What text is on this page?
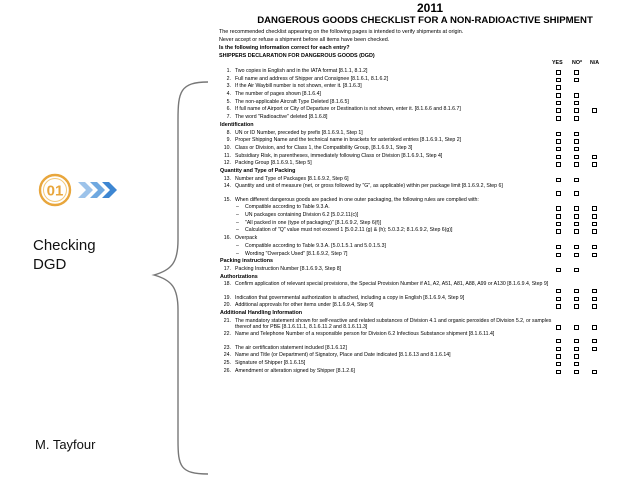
01
Checking
DGD
M. Tayfour
2011
DANGEROUS GOODS CHECKLIST FOR A NON-RADIOACTIVE SHIPMENT
The recommended checklist appearing on the following pages is intended to verify shipments at origin.
Never accept or refuse a shipment before all items have been checked.
Is the following information correct for each entry?
SHIPPERS DECLARATION FOR DANGEROUS GOODS (DGD)
YES NO* N/A
1. Two copies in English and in the IATA format [8.1.1, 8.1.2]
2. Full name and address of Shipper and Consignee [8.1.6.1, 8.1.6.2]
3. If the Air Waybill number is not shown, enter it. [8.1.6.3]
4. The number of pages shown [8.1.6.4]
5. The non-applicable Aircraft Type Deleted [8.1.6.5]
6. If full name of Airport or City of Departure or Destination is not shown, enter it. [8.1.6.6 and 8.1.6.7]
7. The word "Radioactive" deleted [8.1.6.8]
Identification
8. UN or ID Number, preceded by prefix [8.1.6.9.1, Step 1]
9. Proper Shipping Name and the technical name in brackets for asterisked entries [8.1.6.9.1, Step 2]
10. Class or Division, and for Class 1, the Compatibility Group, [8.1.6.9.1, Step 3]
11. Subsidiary Risk, in parentheses, immediately following Class or Division [8.1.6.9.1, Step 4]
12. Packing Group [8.1.6.9.1, Step 5]
Quantity and Type of Packing
13. Number and Type of Packages [8.1.6.9.2, Step 6]
14. Quantity and unit of measure (net, or gross followed by "G", as applicable) within per package limit [8.1.6.9.2, Step 6]
15. When different dangerous goods are packed in one outer packaging, the following rules are complied with:
– Compatible according to Table 9.3.A.
– UN packages containing Division 6.2 [5.0.2.11(c)]
– "All packed in one (type of packaging)" [8.1.6.9.2, Step 6(f)]
– Calculation of "Q" value must not exceed 1 [5.0.2.11 (g) & (h); 5.0.3.2; 8.1.6.9.2, Step 6(g)]
16. Overpack
– Compatible according to Table 9.3.A. [5.0.1.5.1 and 5.0.1.5.3]
– Wording "Overpack Used" [8.1.6.9.2, Step 7]
Packing instructions
17. Packing Instruction Number [8.1.6.9.3, Step 8]
Authorizations
18. Confirm application of relevant special provisions, the Special Provision Number if A1, A2, A51, A81, A88, A99 or A130 [8.1.6.9.4, Step 9]
19. Indication that governmental authorization is attached, including a copy in English [8.1.6.9.4, Step 9]
20. Additional approvals for other items under [8.1.6.9.4, Step 9]
Additional Handling Information
21. The mandatory statement shown for self-reactive and related substances of Division 4.1 and organic peroxides of Division 5.2, or samples thereof and for PBE [8.1.6.11.1, 8.1.6.11.2 and 8.1.6.11.3]
22. Name and Telephone Number of a responsible person for Division 6.2 Infectious Substance shipment [8.1.6.11.4]
23. The air certification statement included [8.1.6.12]
24. Name and Title (or Department) of Signatory, Place and Date indicated [8.1.6.13 and 8.1.6.14]
25. Signature of Shipper [8.1.6.15]
26. Amendment or alteration signed by Shipper [8.1.2.6]
